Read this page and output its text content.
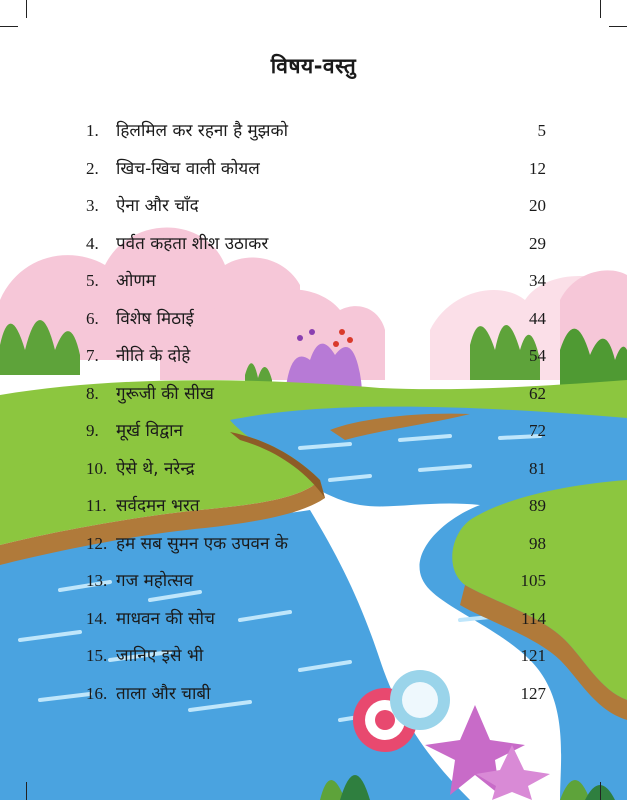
विषय-वस्तु
1. हिलमिल कर रहना है मुझको	5
2. खिच-खिच वाली कोयल	12
3. ऐना और चाँद	20
4. पर्वत कहता शीश उठाकर	29
5. ओणम	34
6. विशेष मिठाई	44
7. नीति के दोहे	54
8. गुरूजी की सीख	62
9. मूर्ख विद्वान	72
10. ऐसे थे, नरेन्द्र	81
11. सर्वदमन भरत	89
12. हम सब सुमन एक उपवन के	98
13. गज महोत्सव	105
14. माधवन की सोच	114
15. जानिए इसे भी	121
16. ताला और चाबी	127
